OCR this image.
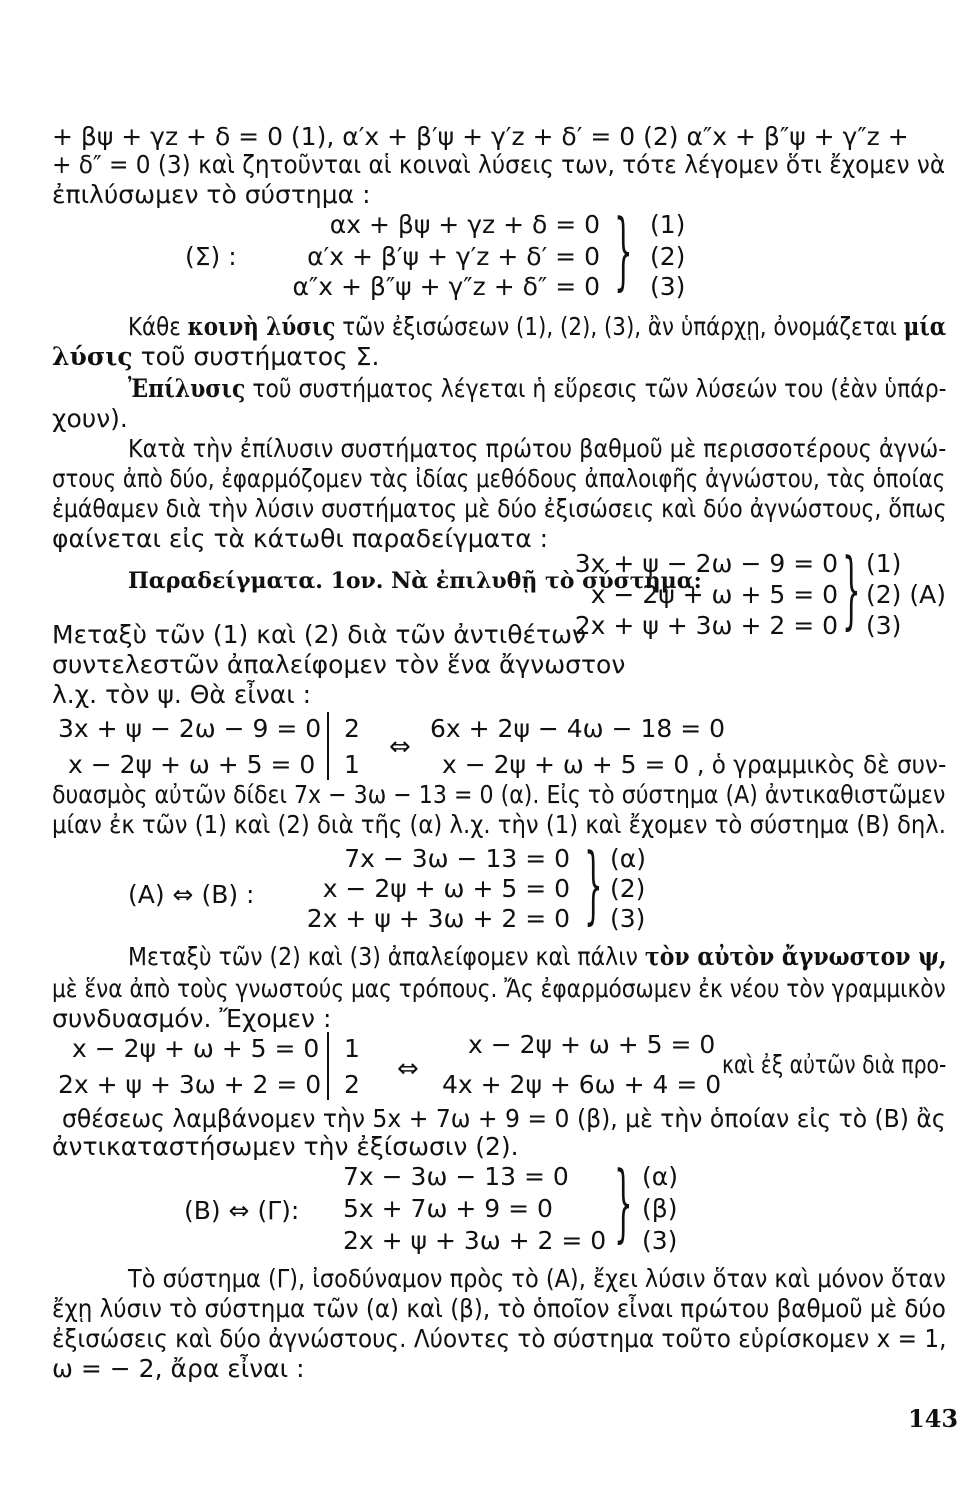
+ βψ + γz + δ = 0 (1), α′x + β′ψ + γ′z + δ′ = 0 (2) α″x + β″ψ + γ″z +
+ δ″ = 0 (3) καὶ ζητοῦνται αἱ κοιναὶ λύσεις των, τότε λέγομεν ὅτι ἔχομεν νὰ
ἐπιλύσωμεν τὸ σύστημα :
(Σ) :
αx + βψ + γz + δ = 0
α′x + β′ψ + γ′z + δ′ = 0
α″x + β″ψ + γ″z + δ″ = 0 } (1)
(2)
(3)
Κάθε κοινὴ λύσις τῶν ἐξισώσεων (1), (2), (3), ἂν ὑπάρχῃ, ὀνομάζεται μία
λύσις τοῦ συστήματος Σ.
Ἐπίλυσις τοῦ συστήματος λέγεται ἡ εὕρεσις τῶν λύσεών του (ἐὰν ὑπάρ-
χουν).
Κατὰ τὴν ἐπίλυσιν συστήματος πρώτου βαθμοῦ μὲ περισσοτέρους ἀγνώ-
στους ἀπὸ δύο, ἐφαρμόζομεν τὰς ἰδίας μεθόδους ἀπαλοιφῆς ἀγνώστου, τὰς ὁποίας
ἐμάθαμεν διὰ τὴν λύσιν συστήματος μὲ δύο ἐξισώσεις καὶ δύο ἀγνώστους, ὅπως
φαίνεται εἰς τὰ κάτωθι παραδείγματα :
Παραδείγματα. 1ον. Νὰ ἐπιλυθῇ τὸ σύστημα:
3x + ψ − 2ω − 9 = 0
x − 2ψ + ω + 5 = 0
2x + ψ + 3ω + 2 = 0 } (1)
(2) (A)
(3)
Μεταξὺ τῶν (1) καὶ (2) διὰ τῶν ἀντιθέτων
συντελεστῶν ἀπαλείφομεν τὸν ἕνα ἄγνωστον
λ.χ. τὸν ψ. Θὰ εἶναι :
3x + ψ − 2ω − 9 = 0
x − 2ψ + ω + 5 = 0
2
1
⇔
6x + 2ψ − 4ω − 18 = 0
x − 2ψ + ω + 5 = 0 , ὁ γραμμικὸς δὲ συν-
δυασμὸς αὐτῶν δίδει 7x − 3ω − 13 = 0 (α). Εἰς τὸ σύστημα (A) ἀντικαθιστῶμεν
μίαν ἐκ τῶν (1) καὶ (2) διὰ τῆς (α) λ.χ. τὴν (1) καὶ ἔχομεν τὸ σύστημα (B) δηλ.
(A) ⇔ (B) :
7x − 3ω − 13 = 0
x − 2ψ + ω + 5 = 0
2x + ψ + 3ω + 2 = 0 } (α)
(2)
(3)
Μεταξὺ τῶν (2) καὶ (3) ἀπαλείφομεν καὶ πάλιν τὸν αὐτὸν ἄγνωστον ψ,
μὲ ἕνα ἀπὸ τοὺς γνωστούς μας τρόπους. Ἄς ἐφαρμόσωμεν ἐκ νέου τὸν γραμμικὸν
συνδυασμόν. Ἔχομεν :
x − 2ψ + ω + 5 = 0
2x + ψ + 3ω + 2 = 0
1
2
⇔
x − 2ψ + ω + 5 = 0
4x + 2ψ + 6ω + 4 = 0
καὶ ἐξ αὐτῶν διὰ προ-
σθέσεως λαμβάνομεν τὴν 5x + 7ω + 9 = 0 (β), μὲ τὴν ὁποίαν εἰς τὸ (B) ἂς
ἀντικαταστήσωμεν τὴν ἐξίσωσιν (2).
(B) ⇔ (Γ):
7x − 3ω − 13 = 0
5x + 7ω + 9 = 0
2x + ψ + 3ω + 2 = 0 } (α)
(β)
(3)
Τὸ σύστημα (Γ), ἰσοδύναμον πρὸς τὸ (A), ἔχει λύσιν ὅταν καὶ μόνον ὅταν
ἔχῃ λύσιν τὸ σύστημα τῶν (α) καὶ (β), τὸ ὁποῖον εἶναι πρώτου βαθμοῦ μὲ δύο
ἐξισώσεις καὶ δύο ἀγνώστους. Λύοντες τὸ σύστημα τοῦτο εὑρίσκομεν x = 1,
ω = − 2, ἄρα εἶναι :
143
